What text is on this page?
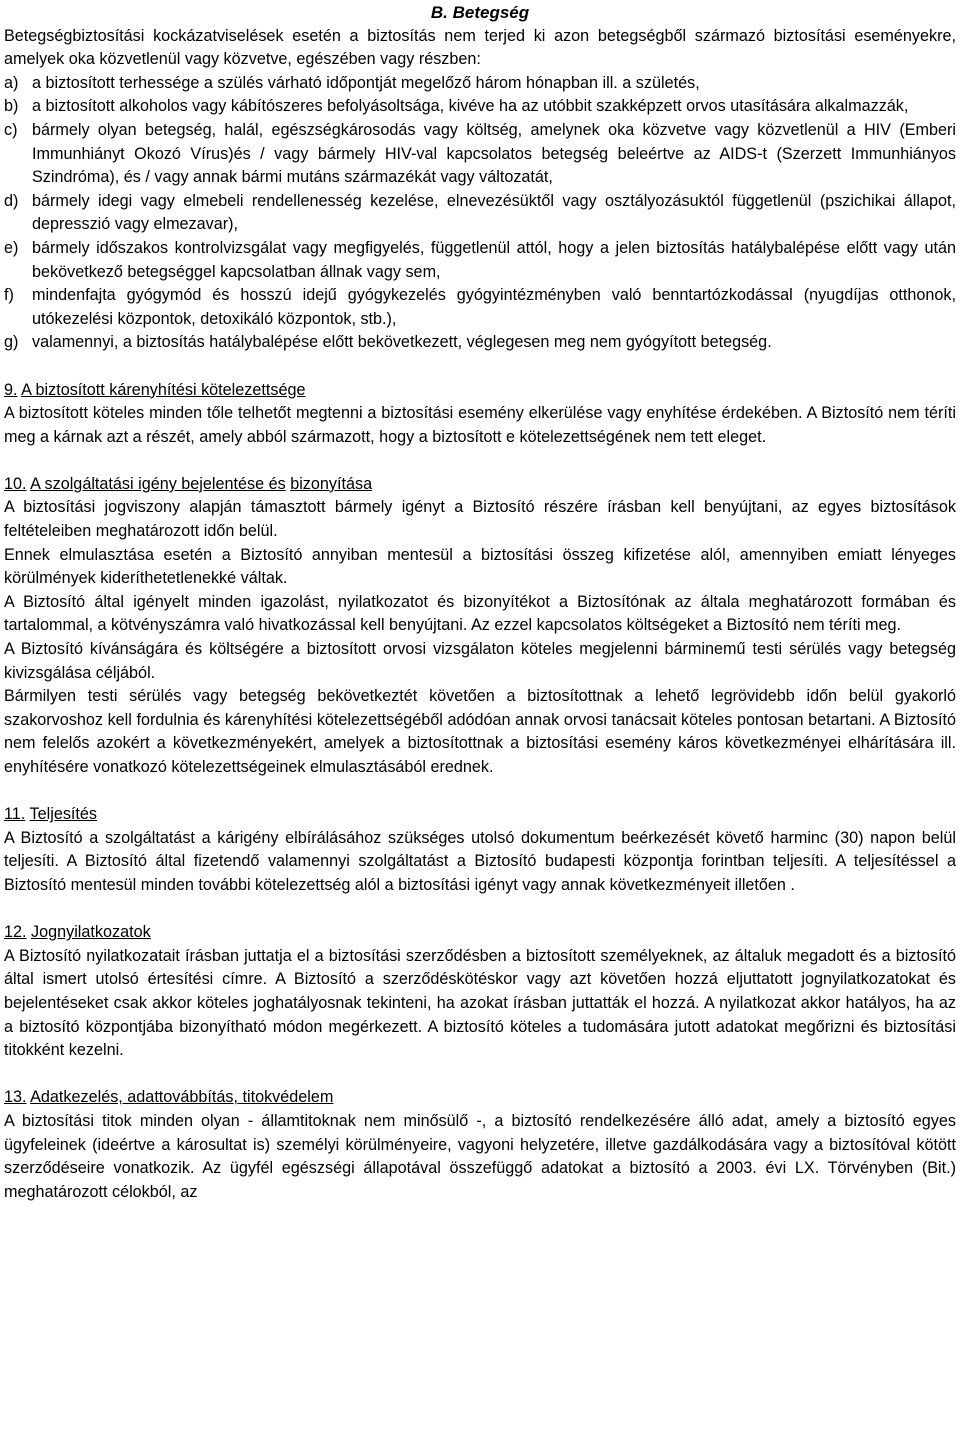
B. Betegség

Betegségbiztosítási kockázatviselések esetén a biztosítás nem terjed ki azon betegségből származó biztosítási eseményekre, amelyek oka közvetlenül vagy közvetve, egészében vagy részben:

a) a biztosított terhessége a szülés várható időpontját megelőző három hónapban ill. a születés,
b) a biztosított alkoholos vagy kábítószeres befolyásoltsága, kivéve ha az utóbbit szakképzett orvos utasítására alkalmazzák,
c) bármely olyan betegség, halál, egészségkárosodás vagy költség, amelynek oka közvetve vagy közvetlenül a HIV (Emberi Immunhiányt Okozó Vírus)és / vagy bármely HIV-val kapcsolatos betegség beleértve az AIDS-t (Szerzett Immunhiányos Szindróma), és / vagy annak bármi mutáns származékát vagy változatát,
d) bármely idegi vagy elmebeli rendellenesség kezelése, elnevezésüktől vagy osztályozásuktól függetlenül (pszichikai állapot, depresszió vagy elmezavar),
e) bármely időszakos kontrolvizsgálat vagy megfigyelés, függetlenül attól, hogy a jelen biztosítás hatálybalépése előtt vagy után bekövetkező betegséggel kapcsolatban állnak vagy sem,
f)	mindenfajta gyógymód és hosszú idejű gyógykezelés gyógyintézményben való benntartózkodással (nyugdíjas otthonok, utókezelési központok, detoxikáló központok, stb.),
g) valamennyi, a biztosítás hatálybalépése előtt bekövetkezett, véglegesen meg nem gyógyított betegség.

9. A biztosított kárenyhítési kötelezettsége

A biztosított köteles minden tőle telhetőt megtenni a biztosítási esemény elkerülése vagy enyhítése érdekében. A Biztosító nem téríti meg a kárnak azt a részét, amely abból származott, hogy a biztosított e kötelezettségének nem tett eleget.

10. A szolgáltatási igény bejelentése és bizonyítása

A biztosítási jogviszony alapján támasztott bármely igényt a Biztosító részére írásban kell benyújtani, az egyes biztosítások feltételeiben meghatározott időn belül.

Ennek elmulasztása esetén a Biztosító annyiban mentesül a biztosítási összeg kifizetése alól, amennyiben emiatt lényeges körülmények kideríthetetlenekké váltak.

A Biztosító által igényelt minden igazolást, nyilatkozatot és bizonyítékot a Biztosítónak az általa meghatározott formában és tartalommal, a kötvényszámra való hivatkozással kell benyújtani. Az ezzel kapcsolatos költségeket a Biztosító nem téríti meg.

A Biztosító kívánságára és költségére a biztosított orvosi vizsgálaton köteles megjelenni bárminemű testi sérülés vagy betegség kivizsgálása céljából.

Bármilyen testi sérülés vagy betegség bekövetkeztét követően a biztosítottnak a lehető legrövidebb időn belül gyakorló szakorvoshoz kell fordulnia és kárenyhítési kötelezettségéből adódóan annak orvosi tanácsait köteles pontosan betartani. A Biztosító nem felelős azokért a következményekért, amelyek a biztosítottnak a biztosítási esemény káros következményei elhárítására ill. enyhítésére vonatkozó kötelezettségeinek elmulasztásából erednek.

11. Teljesítés

A Biztosító a szolgáltatást a kárigény elbírálásához szükséges utolsó dokumentum beérkezését követő harminc (30) napon belül teljesíti. A Biztosító által fizetendő valamennyi szolgáltatást a Biztosító budapesti központja forintban teljesíti. A teljesítéssel a Biztosító mentesül minden további kötelezettség alól a biztosítási igényt vagy annak következményeit illetően .

12. Jognyilatkozatok

A Biztosító nyilatkozatait írásban juttatja el a biztosítási szerződésben a biztosított személyeknek, az általuk megadott és a biztosító által ismert utolsó értesítési címre. A Biztosító a szerződéskötéskor vagy azt követően hozzá eljuttatott jognyilatkozatokat és bejelentéseket csak akkor köteles joghatályosnak tekinteni, ha azokat írásban juttatták el hozzá. A nyilatkozat akkor hatályos, ha az a biztosító központjába bizonyítható módon megérkezett. A biztosító köteles a tudomására jutott adatokat megőrizni és biztosítási titokként kezelni.

13. Adatkezelés, adattovábbítás, titokvédelem

A biztosítási titok minden olyan - államtitoknak nem minősülő -, a biztosító rendelkezésére álló adat, amely a biztosító egyes ügyfeleinek (ideértve a károsultat is) személyi körülményeire, vagyoni helyzetére, illetve gazdálkodására vagy a biztosítóval kötött szerződéseire vonatkozik. Az ügyfél egészségi állapotával összefüggő adatokat a biztosító a 2003. évi LX. Törvényben (Bit.) meghatározott célokból, az
